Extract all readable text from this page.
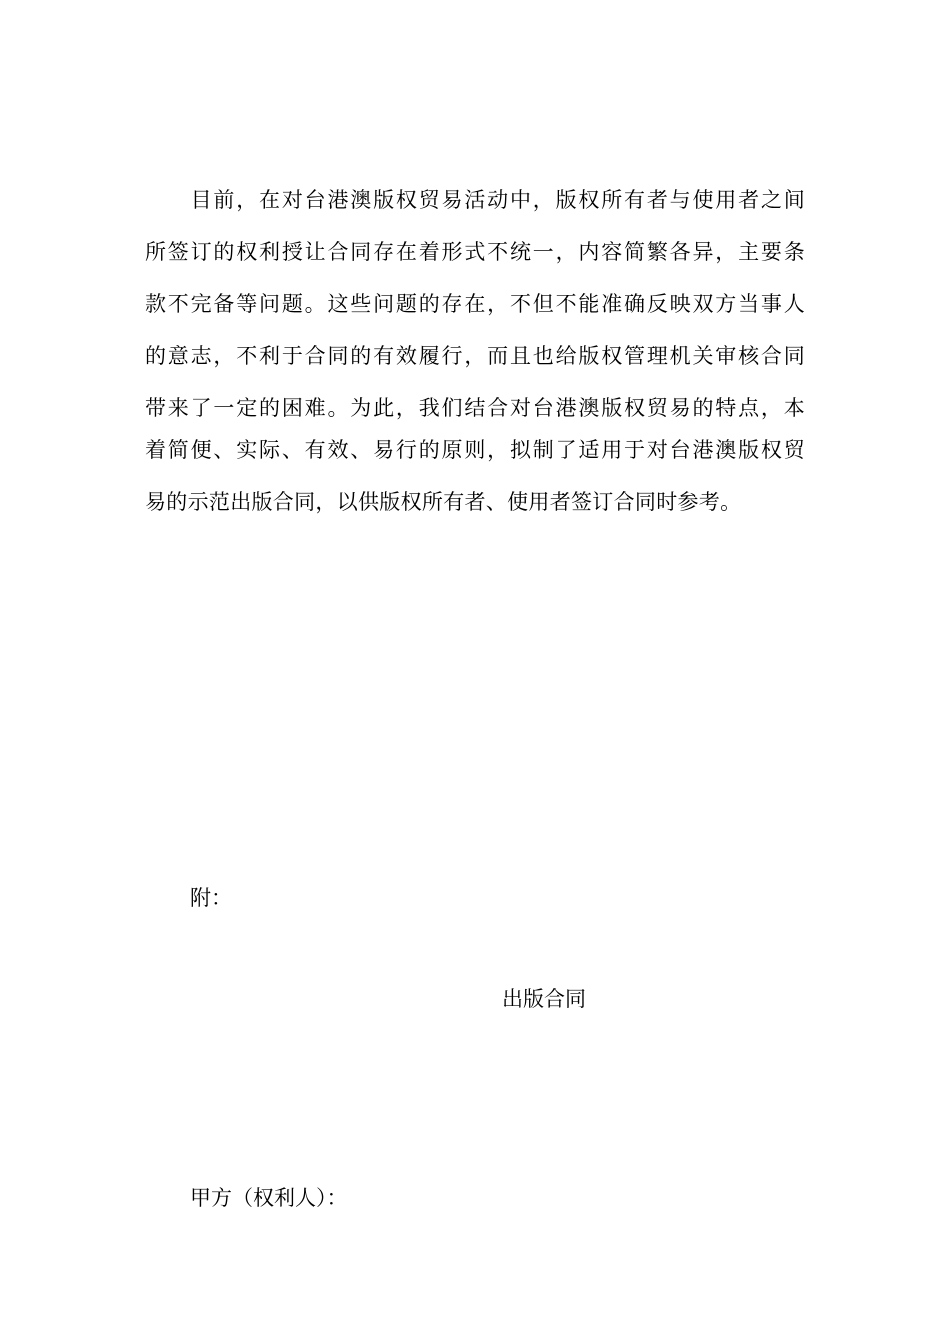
　　目前，在对台港澳版权贸易活动中，版权所有者与使用者之间
所签订的权利授让合同存在着形式不统一，内容简繁各异，主要条
款不完备等问题。这些问题的存在，不但不能准确反映双方当事人
的意志，不利于合同的有效履行，而且也给版权管理机关审核合同
带来了一定的困难。为此，我们结合对台港澳版权贸易的特点，本
着简便、实际、有效、易行的原则，拟制了适用于对台港澳版权贸
易的示范出版合同，以供版权所有者、使用者签订合同时参考。
附：
出版合同
甲方（权利人）：
